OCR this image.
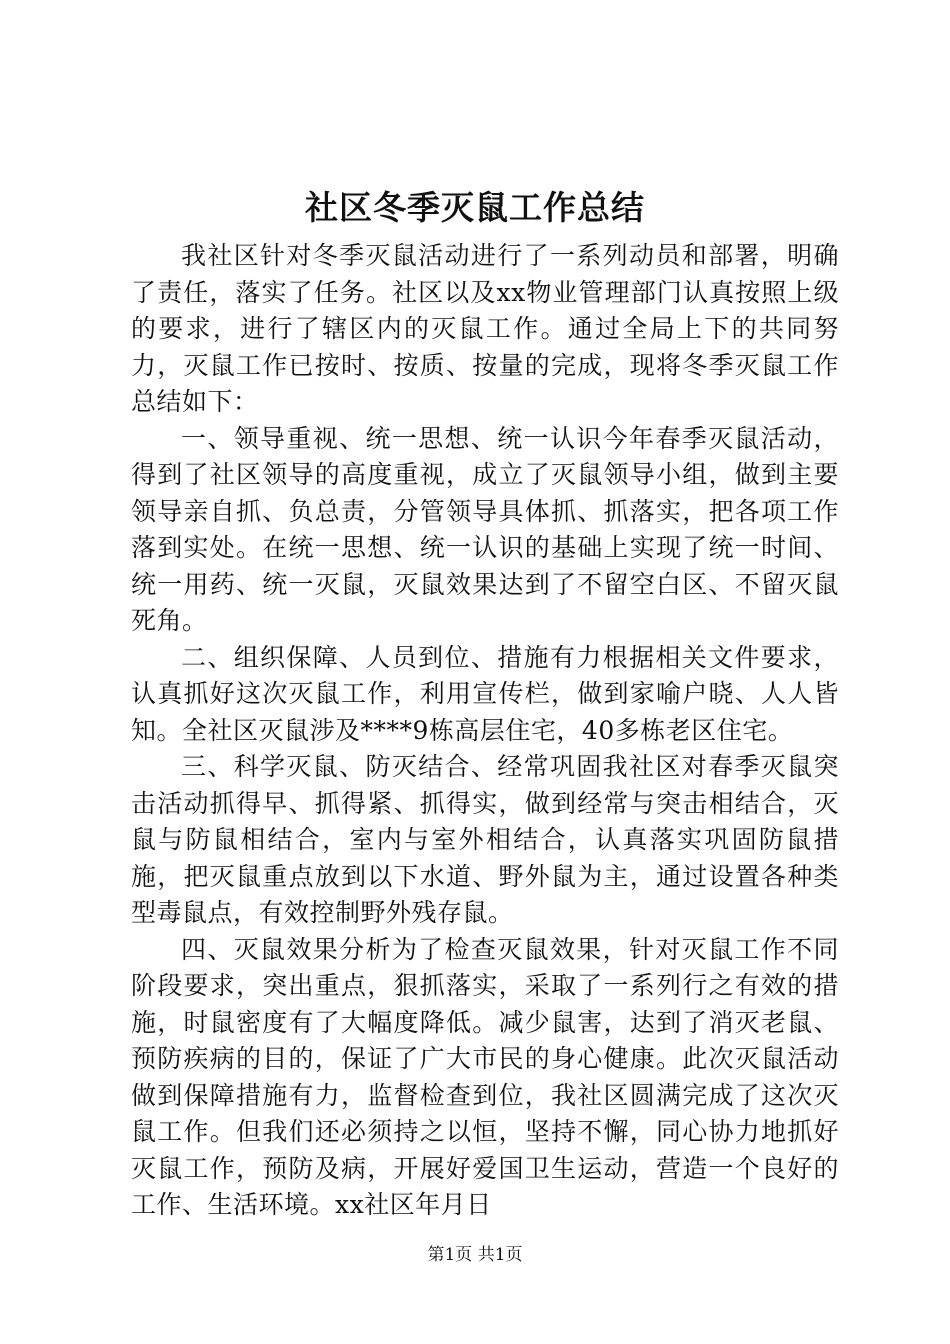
社区冬季灭鼠工作总结

我社区针对冬季灭鼠活动进行了一系列动员和部署，明确了责任，落实了任务。社区以及xx物业管理部门认真按照上级的要求，进行了辖区内的灭鼠工作。通过全局上下的共同努力，灭鼠工作已按时、按质、按量的完成，现将冬季灭鼠工作总结如下：

一、领导重视、统一思想、统一认识今年春季灭鼠活动，得到了社区领导的高度重视，成立了灭鼠领导小组，做到主要领导亲自抓、负总责，分管领导具体抓、抓落实，把各项工作落到实处。在统一思想、统一认识的基础上实现了统一时间、统一用药、统一灭鼠，灭鼠效果达到了不留空白区、不留灭鼠死角。

二、组织保障、人员到位、措施有力根据相关文件要求，认真抓好这次灭鼠工作，利用宣传栏，做到家喻户晓、人人皆知。全社区灭鼠涉及****9栋高层住宅，40多栋老区住宅。

三、科学灭鼠、防灭结合、经常巩固我社区对春季灭鼠突击活动抓得早、抓得紧、抓得实，做到经常与突击相结合，灭鼠与防鼠相结合，室内与室外相结合，认真落实巩固防鼠措施，把灭鼠重点放到以下水道、野外鼠为主，通过设置各种类型毒鼠点，有效控制野外残存鼠。

四、灭鼠效果分析为了检查灭鼠效果，针对灭鼠工作不同阶段要求，突出重点，狠抓落实，采取了一系列行之有效的措施，时鼠密度有了大幅度降低。减少鼠害，达到了消灭老鼠、预防疾病的目的，保证了广大市民的身心健康。此次灭鼠活动做到保障措施有力，监督检查到位，我社区圆满完成了这次灭鼠工作。但我们还必须持之以恒，坚持不懈，同心协力地抓好灭鼠工作，预防及病，开展好爱国卫生运动，营造一个良好的工作、生活环境。xx社区年月日

第1页 共1页
